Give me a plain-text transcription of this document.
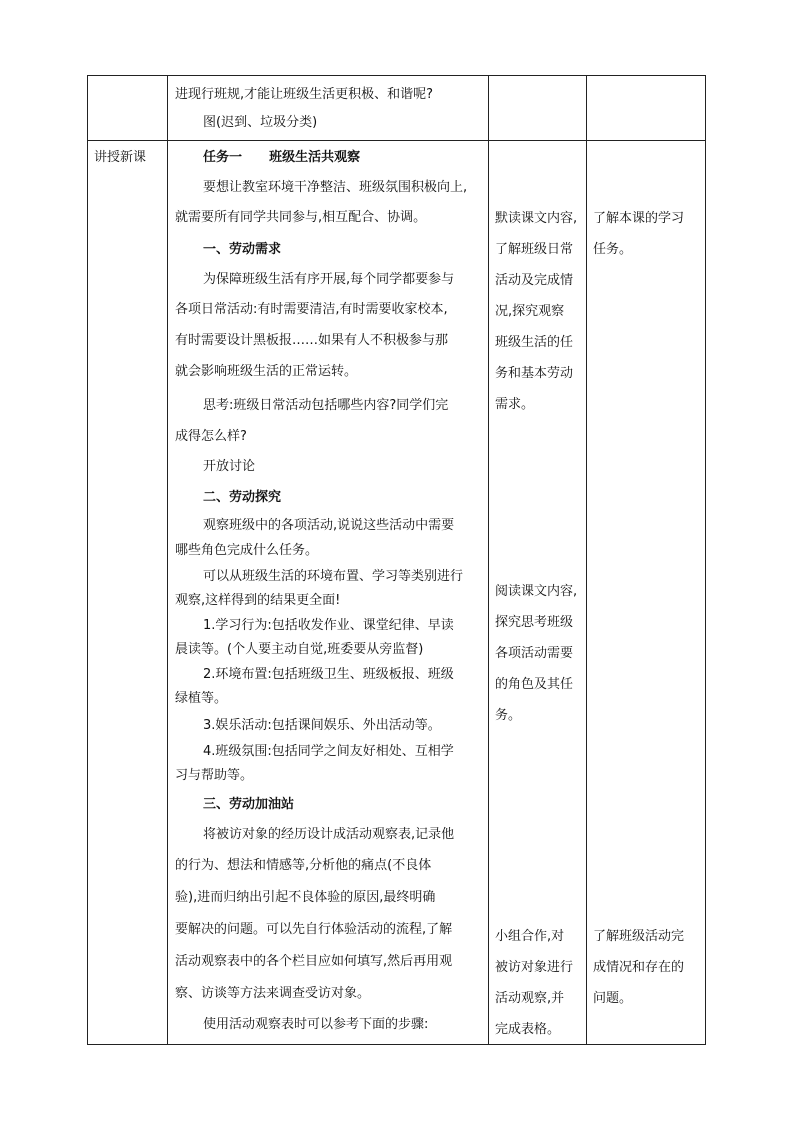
进现行班规,才能让班级生活更积极、和谐呢?
图(迟到、垃圾分类)
讲授新课	任务一      班级生活共观察
要想让教室环境干净整洁、班级氛围积极向上,
就需要所有同学共同参与,相互配合、协调。
一、劳动需求
为保障班级生活有序开展,每个同学都要参与
各项日常活动:有时需要清洁,有时需要收家校本,
有时需要设计黑板报……如果有人不积极参与那
就会影响班级生活的正常运转。
思考:班级日常活动包括哪些内容?同学们完
成得怎么样?
开放讨论
二、劳动探究
观察班级中的各项活动,说说这些活动中需要
哪些角色完成什么任务。
可以从班级生活的环境布置、学习等类别进行
观察,这样得到的结果更全面!
1.学习行为:包括收发作业、课堂纪律、早读
晨读等。(个人要主动自觉,班委要从旁监督)
2.环境布置:包括班级卫生、班级板报、班级
绿植等。
3.娱乐活动:包括课间娱乐、外出活动等。
4.班级氛围:包括同学之间友好相处、互相学
习与帮助等。
三、劳动加油站
将被访对象的经历设计成活动观察表,记录他
的行为、想法和情感等,分析他的痛点(不良体
验),进而归纳出引起不良体验的原因,最终明确
要解决的问题。可以先自行体验活动的流程,了解
活动观察表中的各个栏目应如何填写,然后再用观
察、访谈等方法来调查受访对象。
使用活动观察表时可以参考下面的步骤:
默读课文内容,
了解班级日常
活动及完成情
况,探究观察
班级生活的任
务和基本劳动
需求。
阅读课文内容,
探究思考班级
各项活动需要
的角色及其任
务。
小组合作,对
被访对象进行
活动观察,并
完成表格。
了解本课的学习
任务。
了解班级活动完
成情况和存在的
问题。
